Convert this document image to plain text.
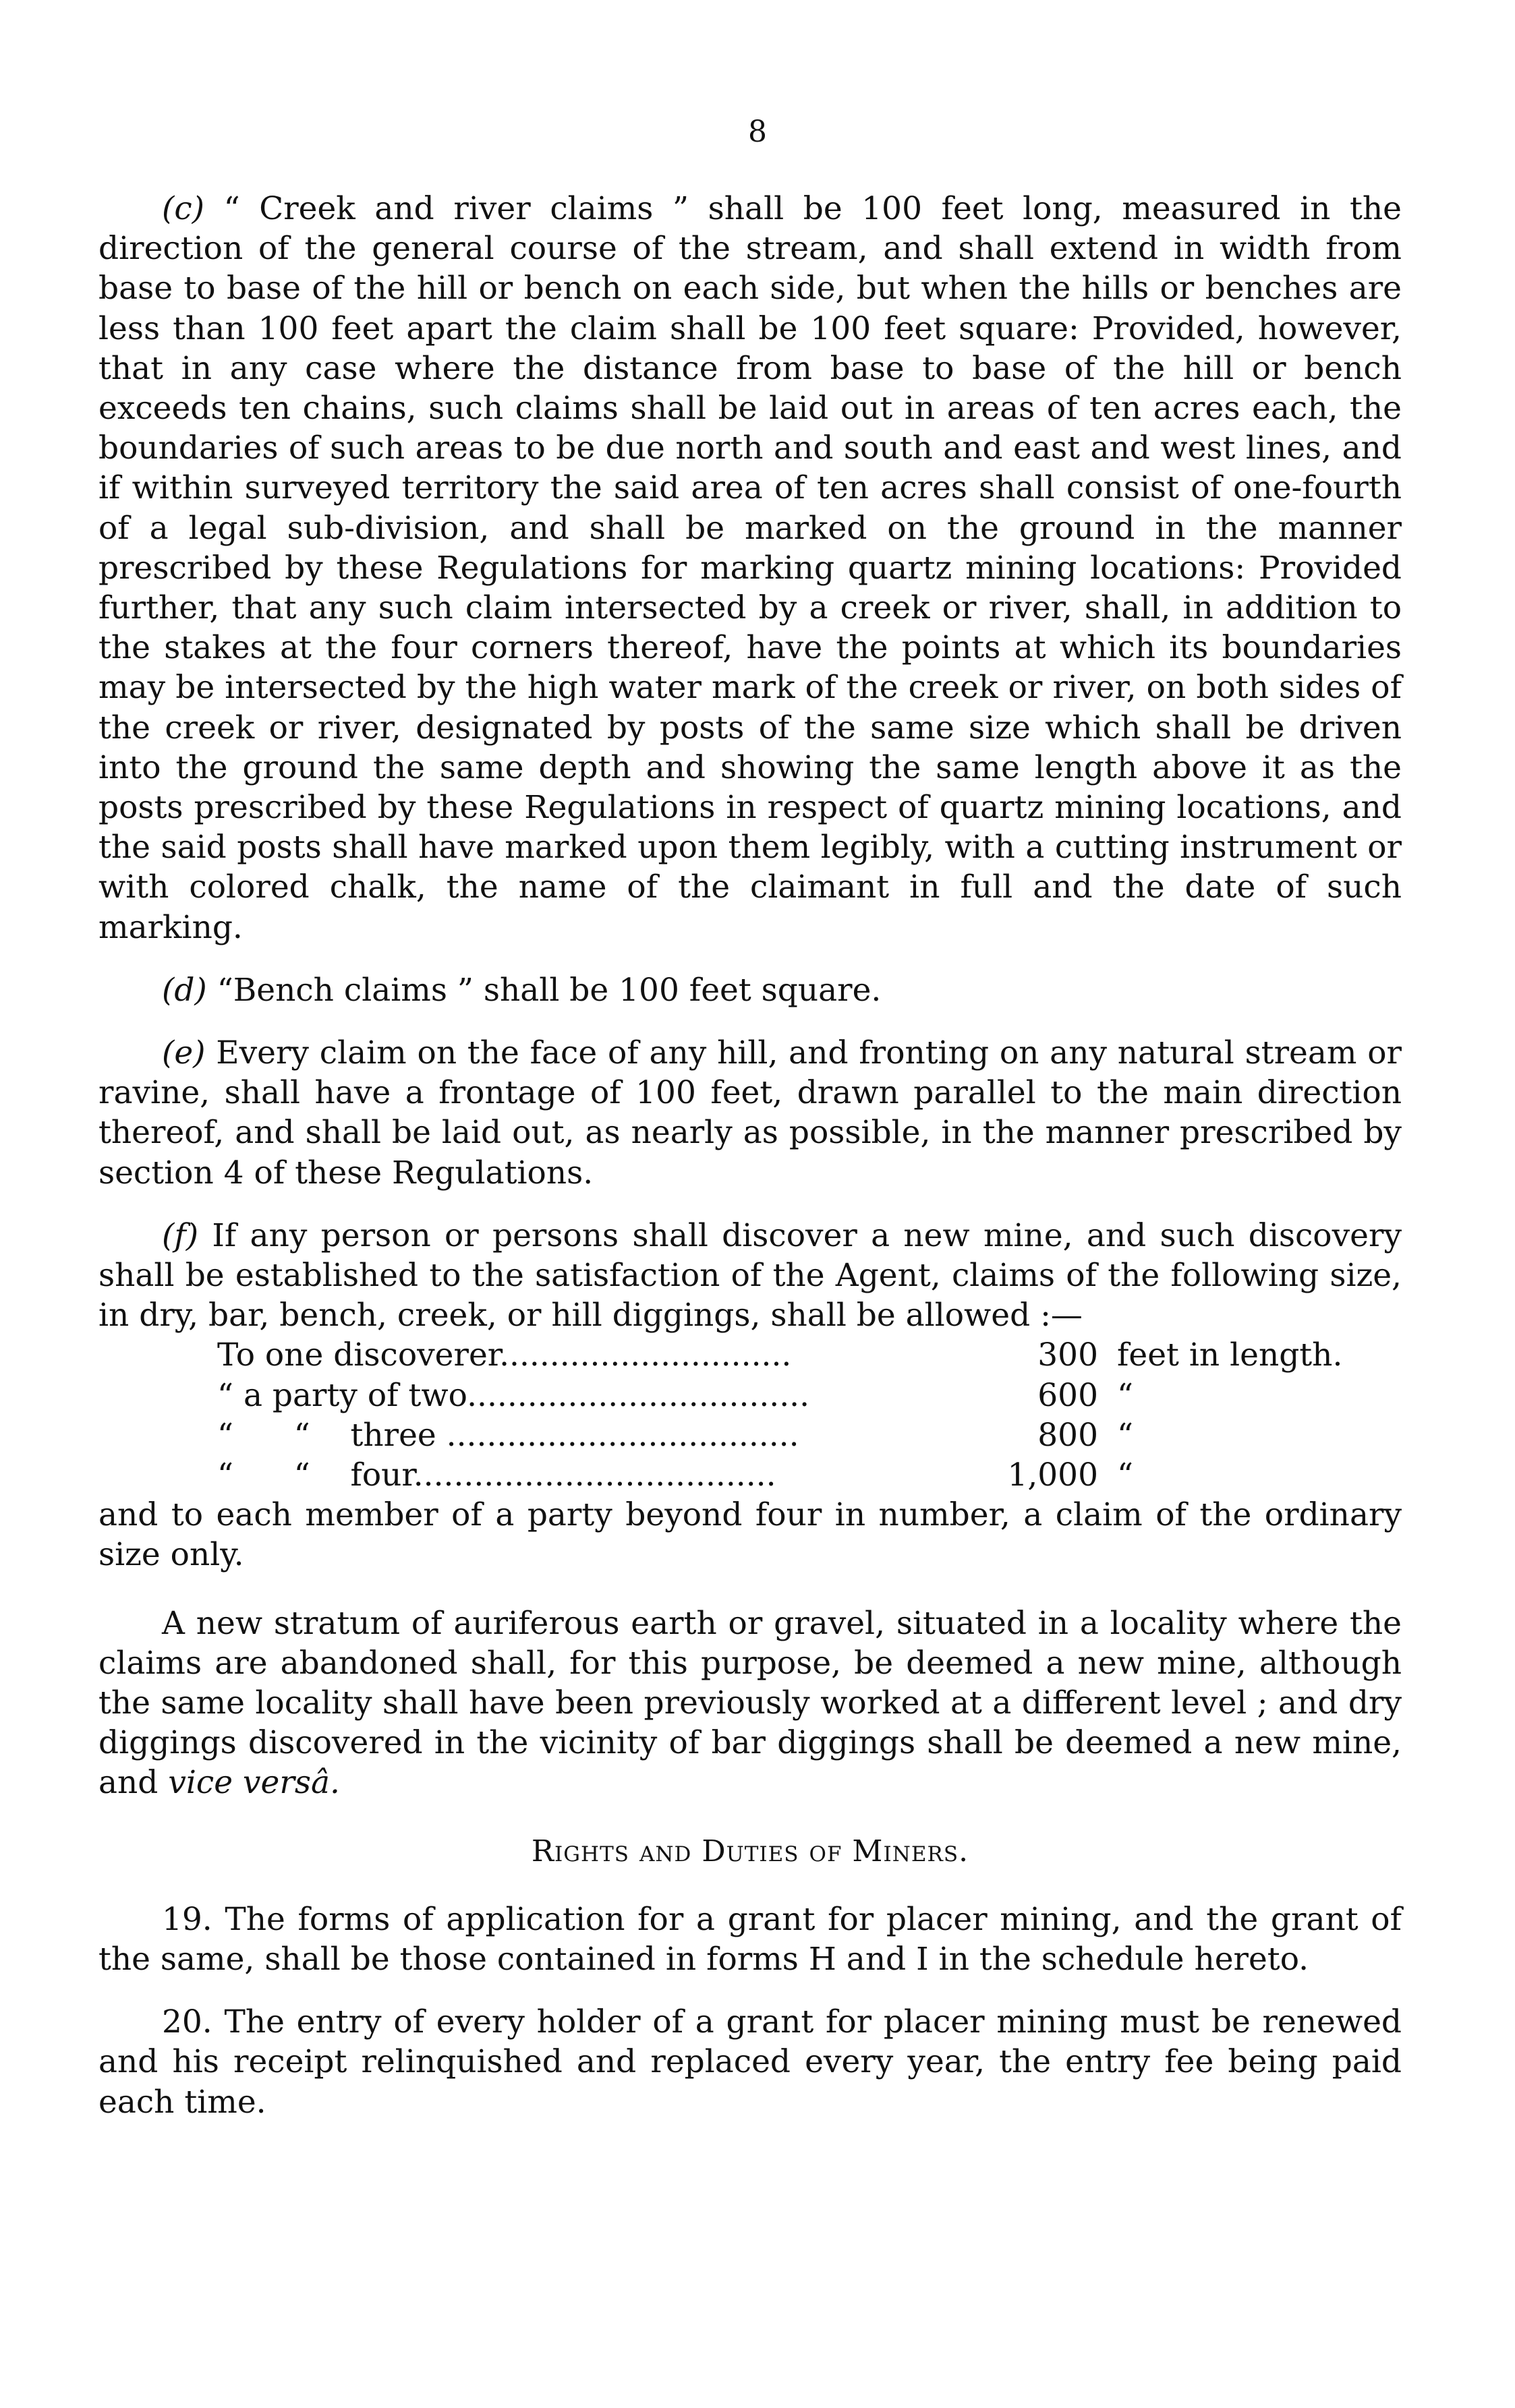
8

(c) “ Creek and river claims ” shall be 100 feet long, measured in the direction of the general course of the stream, and shall extend in width from base to base of the hill or bench on each side, but when the hills or benches are less than 100 feet apart the claim shall be 100 feet square: Provided, however, that in any case where the distance from base to base of the hill or bench exceeds ten chains, such claims shall be laid out in areas of ten acres each, the boundaries of such areas to be due north and south and east and west lines, and if within surveyed territory the said area of ten acres shall consist of one-fourth of a legal sub-division, and shall be marked on the ground in the manner prescribed by these Regulations for marking quartz mining locations: Provided further, that any such claim intersected by a creek or river, shall, in addition to the stakes at the four corners thereof, have the points at which its boundaries may be intersected by the high water mark of the creek or river, on both sides of the creek or river, designated by posts of the same size which shall be driven into the ground the same depth and showing the same length above it as the posts prescribed by these Regulations in respect of quartz mining locations, and the said posts shall have marked upon them legibly, with a cutting instrument or with colored chalk, the name of the claimant in full and the date of such marking.

(d) “Bench claims ” shall be 100 feet square.

(e) Every claim on the face of any hill, and fronting on any natural stream or ravine, shall have a frontage of 100 feet, drawn parallel to the main direction thereof, and shall be laid out, as nearly as possible, in the manner prescribed by section 4 of these Regulations.

(f) If any person or persons shall discover a new mine, and such discovery shall be established to the satisfaction of the Agent, claims of the following size, in dry, bar, bench, creek, or hill diggings, shall be allowed :—

To one discoverer.............................	300 feet in length.
“ a party of two..................................	600 “
“      “    three ...................................	800 “
“      “    four....................................	1,000 “

and to each member of a party beyond four in number, a claim of the ordinary size only.

A new stratum of auriferous earth or gravel, situated in a locality where the claims are abandoned shall, for this purpose, be deemed a new mine, although the same locality shall have been previously worked at a different level ; and dry diggings discovered in the vicinity of bar diggings shall be deemed a new mine, and vice versâ.

Rights and Duties of Miners.

19. The forms of application for a grant for placer mining, and the grant of the same, shall be those contained in forms H and I in the schedule hereto.

20. The entry of every holder of a grant for placer mining must be renewed and his receipt relinquished and replaced every year, the entry fee being paid each time.
